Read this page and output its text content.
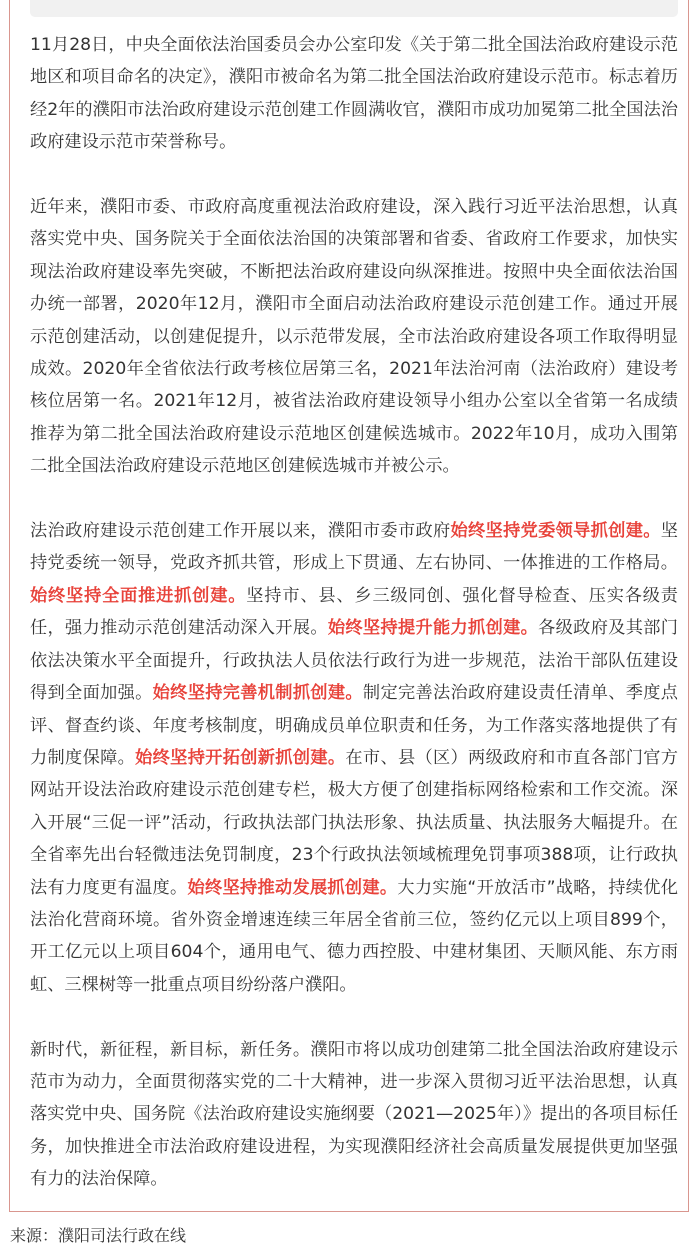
11月28日，中央全面依法治国委员会办公室印发《关于第二批全国法治政府建设示范地区和项目命名的决定》，濮阳市被命名为第二批全国法治政府建设示范市。标志着历经2年的濮阳市法治政府建设示范创建工作圆满收官，濮阳市成功加冕第二批全国法治政府建设示范市荣誉称号。

近年来，濮阳市委、市政府高度重视法治政府建设，深入践行习近平法治思想，认真落实党中央、国务院关于全面依法治国的决策部署和省委、省政府工作要求，加快实现法治政府建设率先突破，不断把法治政府建设向纵深推进。按照中央全面依法治国办统一部署，2020年12月，濮阳市全面启动法治政府建设示范创建工作。通过开展示范创建活动，以创建促提升，以示范带发展，全市法治政府建设各项工作取得明显成效。2020年全省依法行政考核位居第三名，2021年法治河南（法治政府）建设考核位居第一名。2021年12月，被省法治政府建设领导小组办公室以全省第一名成绩推荐为第二批全国法治政府建设示范地区创建候选城市。2022年10月，成功入围第二批全国法治政府建设示范地区创建候选城市并被公示。

法治政府建设示范创建工作开展以来，濮阳市委市政府始终坚持党委领导抓创建。坚持党委统一领导，党政齐抓共管，形成上下贯通、左右协同、一体推进的工作格局。始终坚持全面推进抓创建。坚持市、县、乡三级同创、强化督导检查、压实各级责任，强力推动示范创建活动深入开展。始终坚持提升能力抓创建。各级政府及其部门依法决策水平全面提升，行政执法人员依法行政行为进一步规范，法治干部队伍建设得到全面加强。始终坚持完善机制抓创建。制定完善法治政府建设责任清单、季度点评、督查约谈、年度考核制度，明确成员单位职责和任务，为工作落实落地提供了有力制度保障。始终坚持开拓创新抓创建。在市、县（区）两级政府和市直各部门官方网站开设法治政府建设示范创建专栏，极大方便了创建指标网络检索和工作交流。深入开展“三促一评”活动，行政执法部门执法形象、执法质量、执法服务大幅提升。在全省率先出台轻微违法免罚制度，23个行政执法领域梳理免罚事项388项，让行政执法有力度更有温度。始终坚持推动发展抓创建。大力实施“开放活市”战略，持续优化法治化营商环境。省外资金增速连续三年居全省前三位，签约亿元以上项目899个，开工亿元以上项目604个，通用电气、德力西控股、中建材集团、天顺风能、东方雨虹、三棵树等一批重点项目纷纷落户濮阳。

新时代，新征程，新目标，新任务。濮阳市将以成功创建第二批全国法治政府建设示范市为动力，全面贯彻落实党的二十大精神，进一步深入贯彻习近平法治思想，认真落实党中央、国务院《法治政府建设实施纲要（2021—2025年）》提出的各项目标任务，加快推进全市法治政府建设进程，为实现濮阳经济社会高质量发展提供更加坚强有力的法治保障。

来源：濮阳司法行政在线
